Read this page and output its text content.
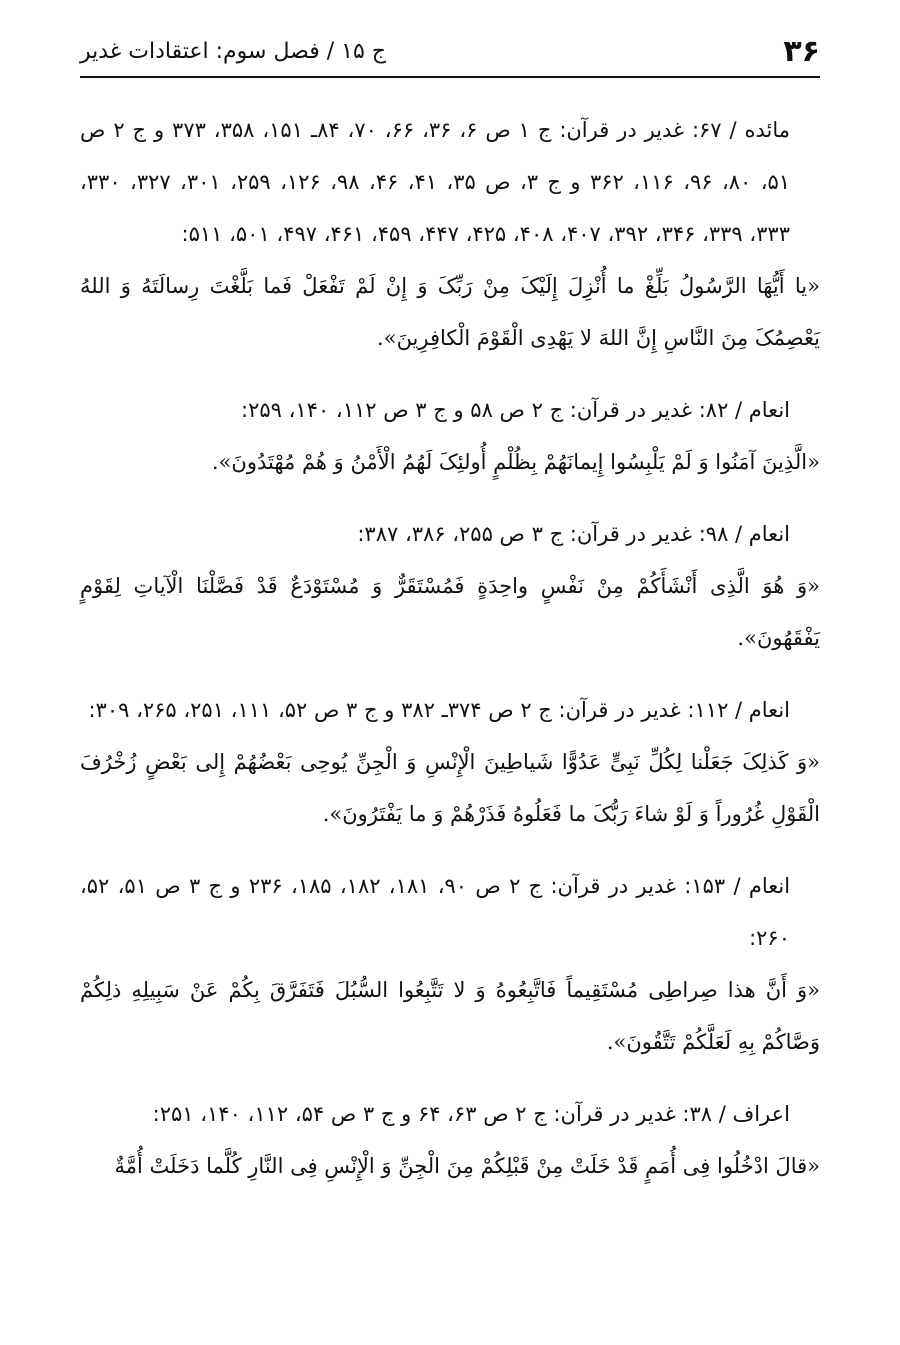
۳۶
ج ۱۵ / فصل سوم: اعتقادات غدیر

مائده / ۶۷: غدیر در قرآن: ج ۱ ص ۶، ۳۶، ۶۶، ۷۰، ۸۴ـ ۱۵۱، ۳۵۸، ۳۷۳ و ج ۲ ص ۵۱، ۸۰، ۹۶، ۱۱۶، ۳۶۲ و ج ۳، ص ۳۵، ۴۱، ۴۶، ۹۸، ۱۲۶، ۲۵۹، ۳۰۱، ۳۲۷، ۳۳۰، ۳۳۳، ۳۳۹، ۳۴۶، ۳۹۲، ۴۰۷، ۴۰۸، ۴۲۵، ۴۴۷، ۴۵۹، ۴۶۱، ۴۹۷، ۵۰۱، ۵۱۱:

«یا أَیُّهَا الرَّسُولُ بَلِّغْ ما أُنْزِلَ إِلَیْکَ مِنْ رَبِّکَ وَ إِنْ لَمْ تَفْعَلْ فَما بَلَّغْتَ رِسالَتَهُ وَ اللهُ یَعْصِمُکَ مِنَ النَّاسِ إِنَّ اللهَ لا یَهْدِی الْقَوْمَ الْکافِرِینَ».

انعام / ۸۲: غدیر در قرآن: ج ۲ ص ۵۸ و ج ۳ ص ۱۱۲، ۱۴۰، ۲۵۹:

«الَّذِینَ آمَنُوا وَ لَمْ یَلْبِسُوا إِیمانَهُمْ بِظُلْمٍ أُولئِکَ لَهُمُ الْأَمْنُ وَ هُمْ مُهْتَدُونَ».

انعام / ۹۸: غدیر در قرآن: ج ۳ ص ۲۵۵، ۳۸۶، ۳۸۷:

«وَ هُوَ الَّذِی أَنْشَأَکُمْ مِنْ نَفْسٍ واحِدَةٍ فَمُسْتَقَرٌّ وَ مُسْتَوْدَعٌ قَدْ فَصَّلْنَا الْآیاتِ لِقَوْمٍ یَفْقَهُونَ».

انعام / ۱۱۲: غدیر در قرآن: ج ۲ ص ۳۷۴ـ ۳۸۲ و ج ۳ ص ۵۲، ۱۱۱، ۲۵۱، ۲۶۵، ۳۰۹:

«وَ کَذلِکَ جَعَلْنا لِکُلِّ نَبِیٍّ عَدُوًّا شَیاطِینَ الْإِنْسِ وَ الْجِنِّ یُوحِی بَعْضُهُمْ إِلى بَعْضٍ زُخْرُفَ الْقَوْلِ غُرُوراً وَ لَوْ شاءَ رَبُّکَ ما فَعَلُوهُ فَذَرْهُمْ وَ ما یَفْتَرُونَ».

انعام / ۱۵۳: غدیر در قرآن: ج ۲ ص ۹۰، ۱۸۱، ۱۸۲، ۱۸۵، ۲۳۶ و ج ۳ ص ۵۱، ۵۲، ۲۶۰:

«وَ أَنَّ هذا صِراطِی مُسْتَقِیماً فَاتَّبِعُوهُ وَ لا تَتَّبِعُوا السُّبُلَ فَتَفَرَّقَ بِکُمْ عَنْ سَبِیلِهِ ذلِکُمْ وَصَّاکُمْ بِهِ لَعَلَّکُمْ تَتَّقُونَ».

اعراف / ۳۸: غدیر در قرآن: ج ۲ ص ۶۳، ۶۴ و ج ۳ ص ۵۴، ۱۱۲، ۱۴۰، ۲۵۱:

«قالَ ادْخُلُوا فِی أُمَمٍ قَدْ خَلَتْ مِنْ قَبْلِکُمْ مِنَ الْجِنِّ وَ الْإِنْسِ فِی النَّارِ کُلَّما دَخَلَتْ أُمَّةٌ
